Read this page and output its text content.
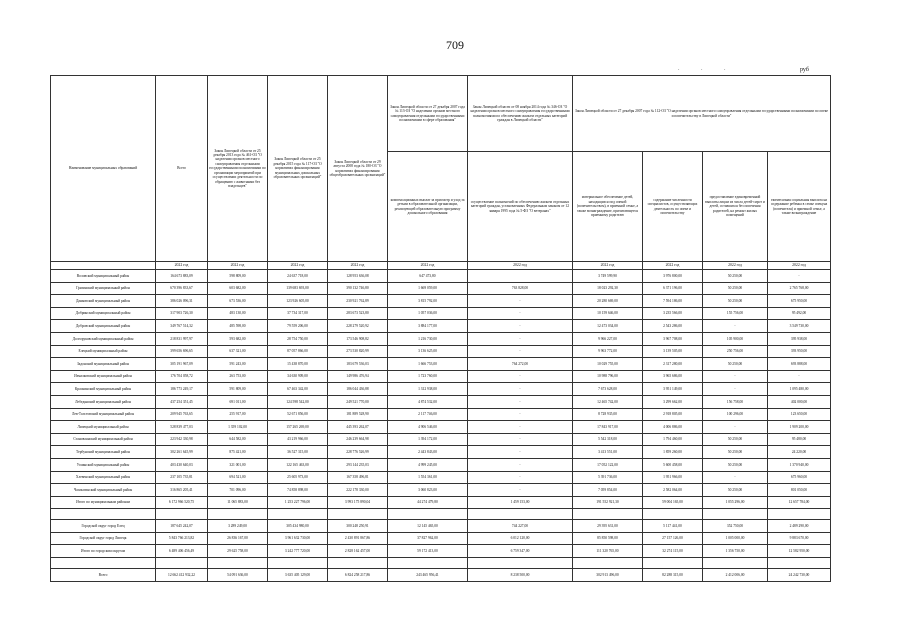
709
. . .	руб
Наименование муниципальных образований	Всего	Закон Липецкой области от 25 декабря 2013 года № 461-ОЗ "О наделении органов местного самоуправления отдельными государственными полномочиями по организации мероприятий при осуществлении деятельности по обращению с животными без владельцев"	Закон Липецкой области от 25 декабря 2015 года № 117-ОЗ "О нормативах финансирования муниципальных дошкольных образовательных организаций"	Закон Липецкой области от 29 августа 2008 года № 180-ОЗ "О нормативах финансирования общеобразовательных организаций"	Закон Липецкой области от 27 декабря 2007 года № 113-ОЗ "О наделении органов местного самоуправления отдельными государственными полномочиями в сфере образования"	Закон Липецкой области от 08 ноября 2014 года № 346-ОЗ "О наделении органов местного самоуправления государственными полномочиями по обеспечению жильем отдельных категорий граждан в Липецкой области"	Закон Липецкой области от 27 декабря 2007 года № 112-ОЗ "О наделении органов местного самоуправления отдельными государственными полномочиями по опеке и попечительству в Липецкой области"			
					компенсационных выплат за присмотр и уход за детьми в образовательной организации, реализующей образовательную программу дошкольного образования	осуществление полномочий по обеспечению жильем отдельных категорий граждан, установленных Федеральным законом от 12 января 1995 года № 5-ФЗ "О ветеранах"	материальное обеспечение детей, находящихся под опекой (попечительством), в приемной семье, а также вознаграждение, причитающееся приемному родителю	содержание численности специалистов, осуществляющих деятельность по опеке и попечительству	предоставление единовременной выплаты лицам из числа детей-сирот и детей, оставшихся без попечения родителей, на ремонт жилых помещений	ежемесячная социальная выплата на содержание ребенка в семье опекуна (попечителя) и приемной семье, а также вознаграждение
	2022 год	2022 год	2022 год	2022 год	2022 год	2022 год	2022 год	2022 год	2022 год	2022 год
Воловский муниципальный район	164 673 883,09	598 809,00	24 637 718,00	128 953 636,08	647 473,80		3 749 599,90	3 976 800,00	50 250,00	-
Грязинский муниципальный район	670 396 833,67	603 682,00	139 683 693,00	390 132 746,80	1 669 059,00	763 828,00	18 023 292,30	6 371 196,00	50 250,00	2 765 768,00
Данковский муниципальный район	386 026 096,31	673 536,00	123 926 605,00	230 921 762,89	3 815 792,00	-	20 280 669,00	7 594 186,00	50 250,00	675 950,00
Добринский муниципальный район	317 903 726,30	483 130,00	37 734 317,00	283 673 523,80	1 057 036,00	-	10 159 646,00	3 235 566,00	155 756,00	95 492,00
Добровский муниципальный район	349 767 514,32	485 598,00	79 559 206,00	228 279 520,92	3 884 177,00	-	12 473 034,00	2 543 286,00	-	3 549 730,00
Долгоруковский муниципальный район	218 831 997,97	593 682,00	28 754 750,00	173 546 908,82	1 216 730,00	-	9 966 227,00	3 967 708,00	105 900,00	395 938,00
Елецкий муниципальный район	399 656 696,65	637 321,00	87 057 866,00	273 530 820,99	3 136 625,00	-	9 963 772,00	3 139 505,00	250 756,00	393 950,00
Задонский муниципальный район	305 191 967,09	591 243,00	15 438 870,00	183 679 536,03	1 666 753,00	764 272,00	10 029 755,00	2 317 280,00	50 250,00	693 888,00
Измалковский муниципальный район	176 704 058,72	263 753,00	34 630 909,00	149 986 476,94	1 723 760,00	-	10 988 796,00	3 965 686,00	-	-
Краснинский муниципальный район	186 773 249,17	591 809,00	67 463 342,00	186 044 436,88	1 312 938,00	-	7 673 628,00	3 951 149,00	-	1 095 480,00
Лебедянский муниципальный район	437 254 351,45	691 011,00	124 598 542,00	249 521 770,00	4 874 532,00	-	12 465 742,00	3 299 662,00	156 758,00	402 000,00
Лев-Толстовский муниципальный район	209 945 763,65	255 917,00	52 671 856,00	181 889 528,90	2 117 746,00	-	8 728 935,00	2 918 805,00	100 296,00	123 650,00
Липецкий муниципальный район	528 839 477,03	1 359 102,00	157 265 269,00	445 393 262,07	4 906 546,00	-	17 843 917,00	4 006 886,00	-	1 909 200,00
Становлянский муниципальный район	223 942 330,98	644 582,00	43 219 966,00	246 239 664,98	1 394 172,00	-	5 542 318,00	1 794 460,00	50 250,00	95 480,00
Тербунский муниципальный район	302 261 645,99	875 421,00	36 527 315,00	228 776 526,99	2 443 843,00	-	3 413 551,00	1 859 260,00	50 250,00	24 220,00
Усманский муниципальный район	403 430 640,03	321 001,00	122 165 463,00	293 144 235,03	4 999 245,00	-	17 052 122,00	5 600 458,00	50 250,00	1 370 940,00
Хлевенский муниципальный район	237 105 735,81	694 521,00	25 605 973,00	167 358 496,81	1 554 361,00	-	5 391 736,00	1 951 966,00	-	675 960,00
Чаплыгинский муниципальный район	316 865 205,41	701 096,00	74 858 898,00	222 178 330,00	3 060 823,00	-	7 059 854,00	2 582 064,00	50 250,00	801 050,00
Итого по муниципальным районам	6 172 966 520,75	11 065 883,00	1 253 227 796,00	3 993 175 890,04	44 274 479,80	1 459 153,00	191 552 921,30	59 004 165,00	1 055 296,00	12 657 784,00

Городской округ город Елец	187 645 242,07	3 289 249,00	305 434 980,00	300 248 250,91	12 145 465,00	744 227,00	29 395 631,00	5 117 441,00	352 750,00	2 489 290,00
Городской округ город Липецк	5 843 766 213,82	26 836 167,00	3 961 632 730,00	2 430 891 867,86	37 827 962,00	6 012 120,00	85 850 598,00	27 157 126,00	1 005 000,00	9 883 670,00
Итого по городским округам	6 489 406 456,49	29 625 758,00	3 242 777 720,00	2 828 162 457,00	59 172 413,00	6 759 347,00	111 320 765,00	32 274 115,00	1 356 750,00	12 582 950,00

Всего	12 662 412 932,22	54 091 636,00	3 635 405 129,00	6 824 258 217,86	243 465 956,41	8 238 500,00	302 913 496,00	82 288 315,00	2 412 006,00	24 242 730,00
